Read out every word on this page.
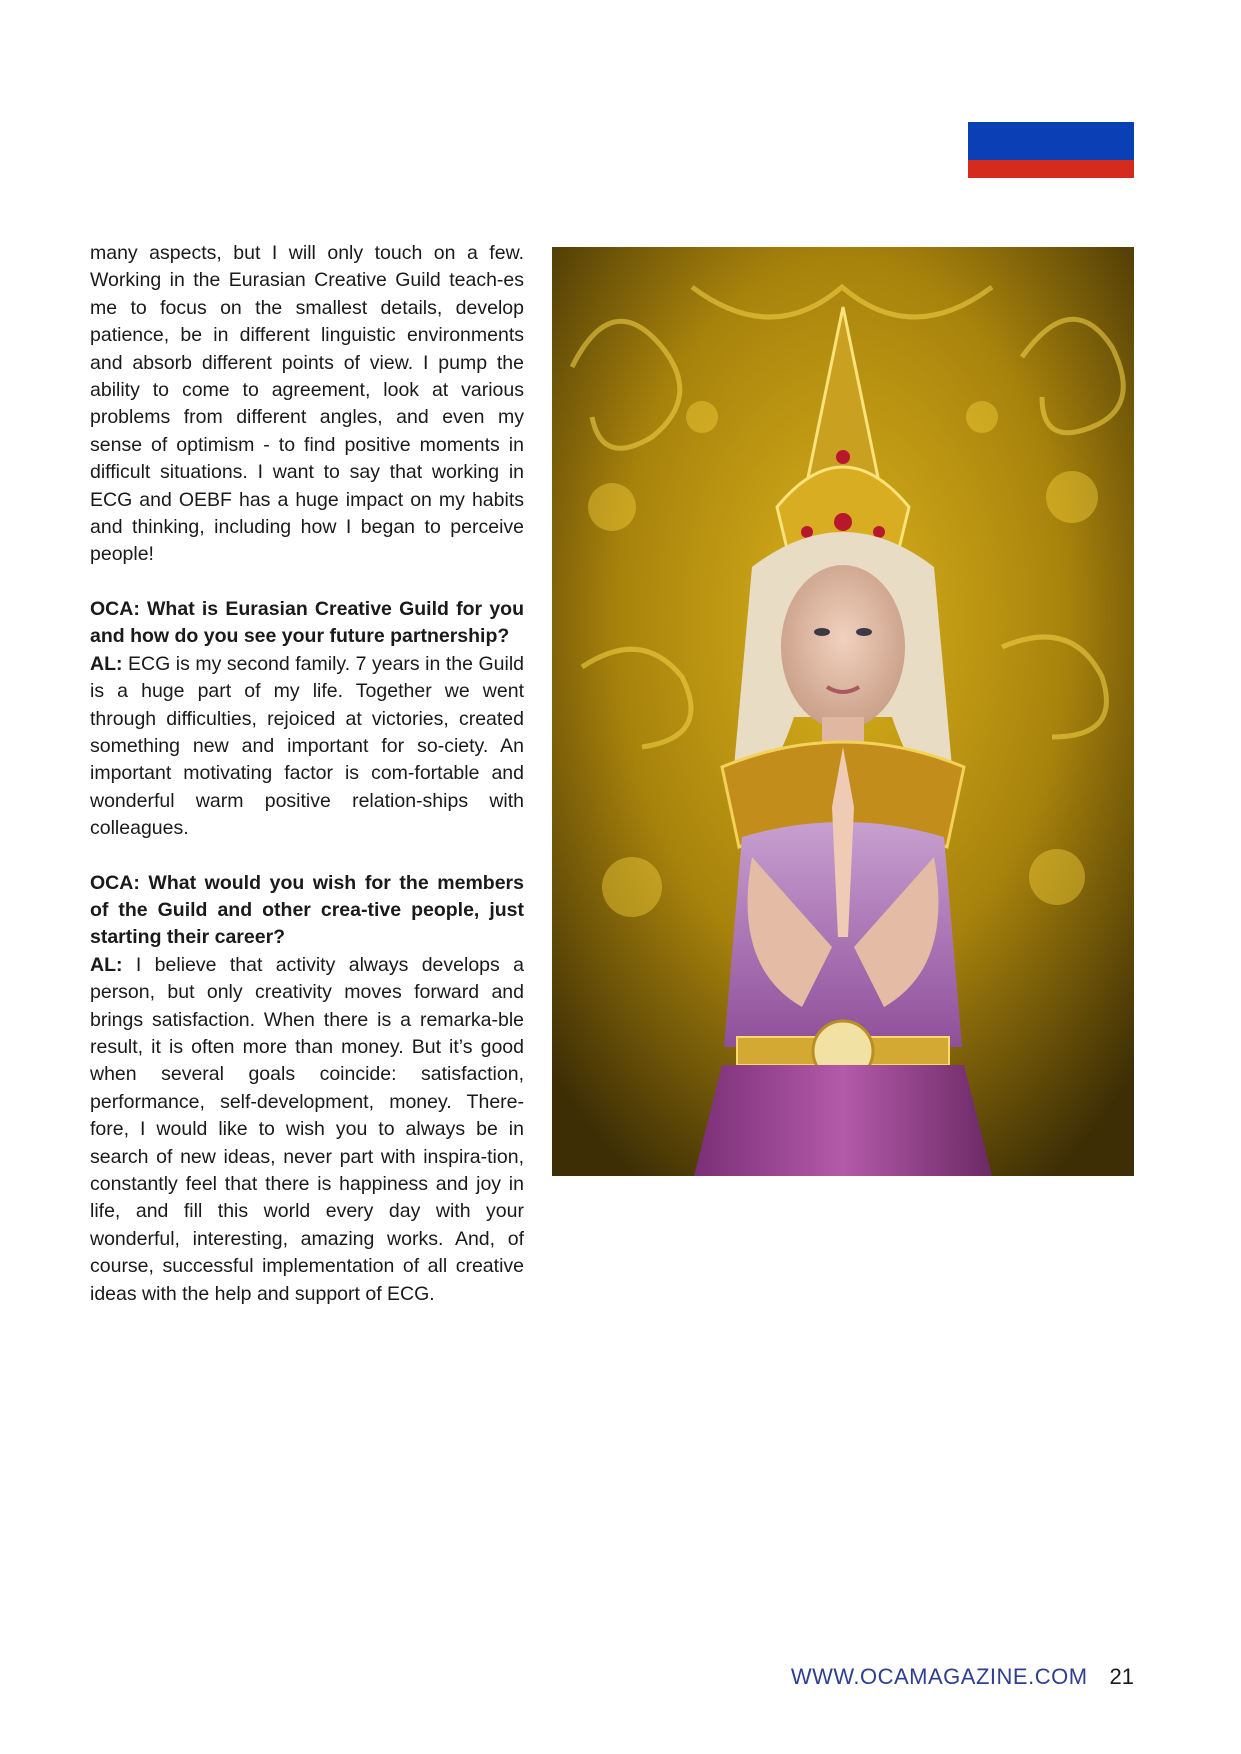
many aspects, but I will only touch on a few. Working in the Eurasian Creative Guild teach-es me to focus on the smallest details, develop patience, be in different linguistic environments and absorb different points of view. I pump the ability to come to agreement, look at various problems from different angles, and even my sense of optimism - to find positive moments in difficult situations. I want to say that working in ECG and OEBF has a huge impact on my habits and thinking, including how I began to perceive people!

OCA: What is Eurasian Creative Guild for you and how do you see your future partnership?

AL: ECG is my second family. 7 years in the Guild is a huge part of my life. Together we went through difficulties, rejoiced at victories, created something new and important for so-ciety. An important motivating factor is com-fortable and wonderful warm positive relation-ships with colleagues.

OCA: What would you wish for the members of the Guild and other crea-tive people, just starting their career?

AL: I believe that activity always develops a person, but only creativity moves forward and brings satisfaction. When there is a remarka-ble result, it is often more than money. But it’s good when several goals coincide: satisfaction, performance, self-development, money. There-fore, I would like to wish you to always be in search of new ideas, never part with inspira-tion, constantly feel that there is happiness and joy in life, and fill this world every day with your wonderful, interesting, amazing works. And, of course, successful implementation of all creative ideas with the help and support of ECG.

WWW.OCAMAGAZINE.COM 21
